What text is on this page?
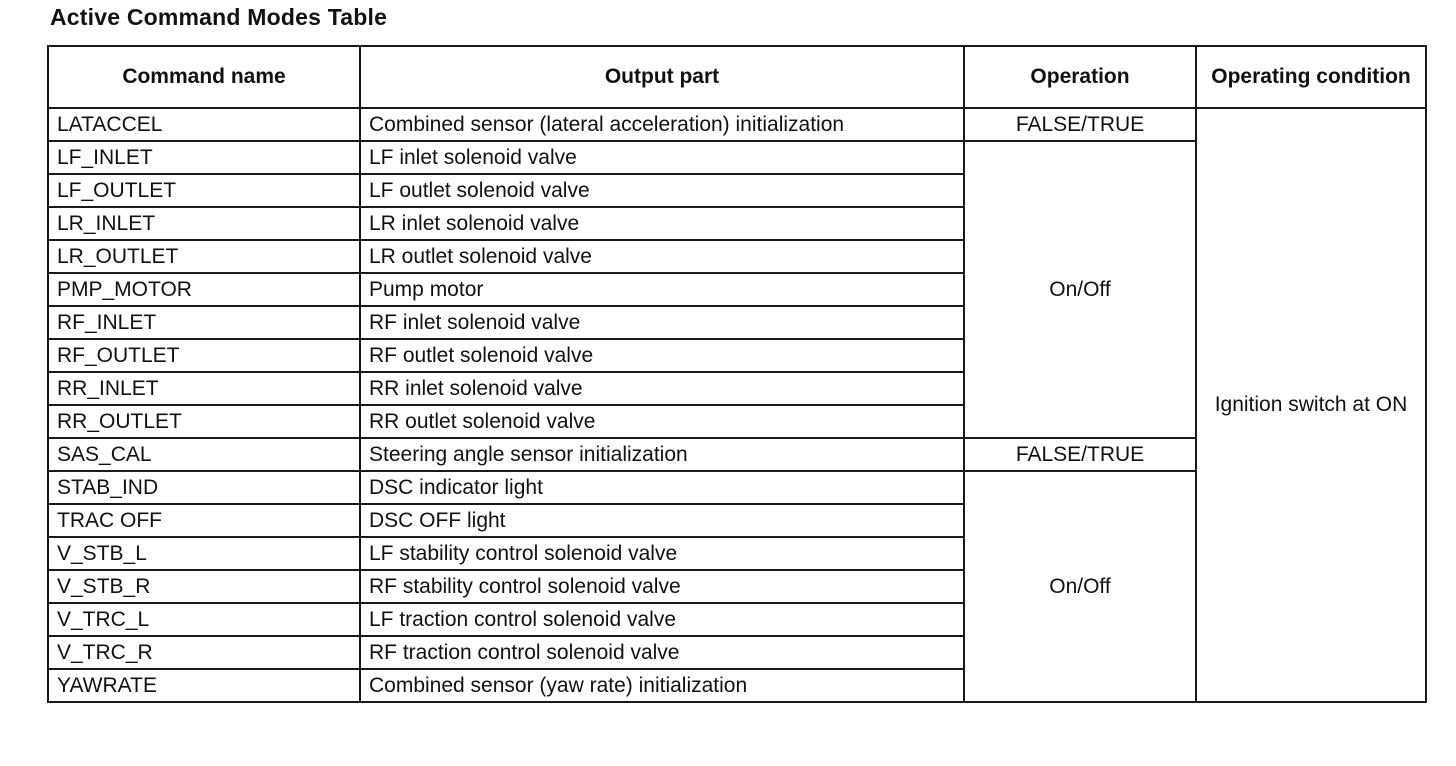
Active Command Modes Table
Command name	Output part	Operation	Operating condition
LATACCEL	Combined sensor (lateral acceleration) initialization	FALSE/TRUE	Ignition switch at ON
LF_INLET	LF inlet solenoid valve	On/Off	
LF_OUTLET	LF outlet solenoid valve		
LR_INLET	LR inlet solenoid valve		
LR_OUTLET	LR outlet solenoid valve		
PMP_MOTOR	Pump motor		
RF_INLET	RF inlet solenoid valve		
RF_OUTLET	RF outlet solenoid valve		
RR_INLET	RR inlet solenoid valve		
RR_OUTLET	RR outlet solenoid valve		
SAS_CAL	Steering angle sensor initialization	FALSE/TRUE	
STAB_IND	DSC indicator light	On/Off	
TRAC OFF	DSC OFF light		
V_STB_L	LF stability control solenoid valve		
V_STB_R	RF stability control solenoid valve		
V_TRC_L	LF traction control solenoid valve		
V_TRC_R	RF traction control solenoid valve		
YAWRATE	Combined sensor (yaw rate) initialization		
